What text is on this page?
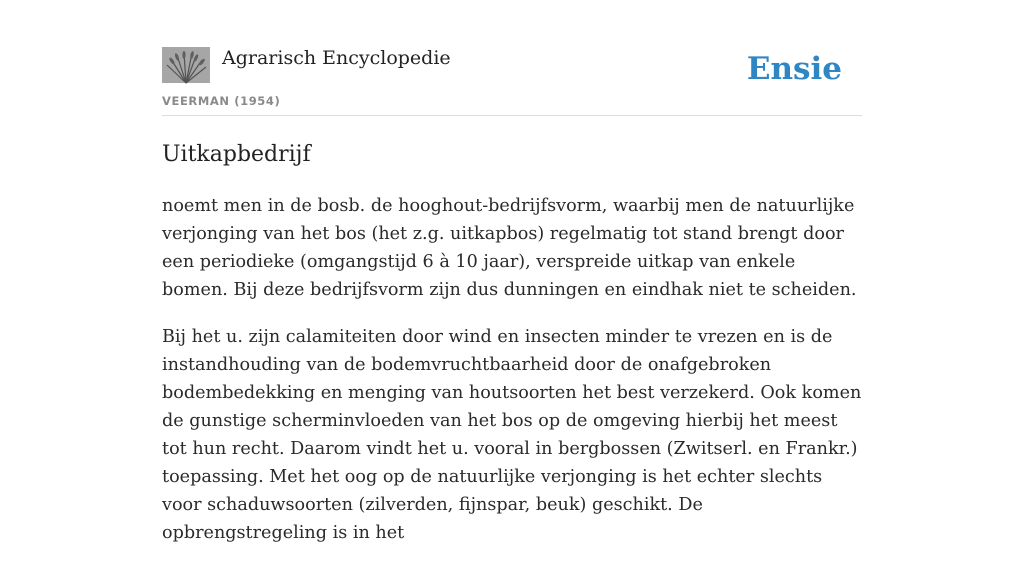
Agrarisch Encyclopedie
VEERMAN (1954)
Ensie
Uitkapbedrijf

noemt men in de bosb. de hooghout-bedrijfsvorm, waarbij men de natuurlijke verjonging van het bos (het z.g. uitkapbos) regelmatig tot stand brengt door een periodieke (omgangstijd 6 à 10 jaar), verspreide uitkap van enkele bomen. Bij deze bedrijfsvorm zijn dus dunningen en eindhak niet te scheiden.

Bij het u. zijn calamiteiten door wind en insecten minder te vrezen en is de instandhouding van de bodemvruchtbaarheid door de onafgebroken bodembedekking en menging van houtsoorten het best verzekerd. Ook komen de gunstige scherminvloeden van het bos op de omgeving hierbij het meest tot hun recht. Daarom vindt het u. vooral in bergbossen (Zwitserl. en Frankr.) toepassing. Met het oog op de natuurlijke verjonging is het echter slechts voor schaduwsoorten (zilverden, fijnspar, beuk) geschikt. De opbrengstregeling is in het
